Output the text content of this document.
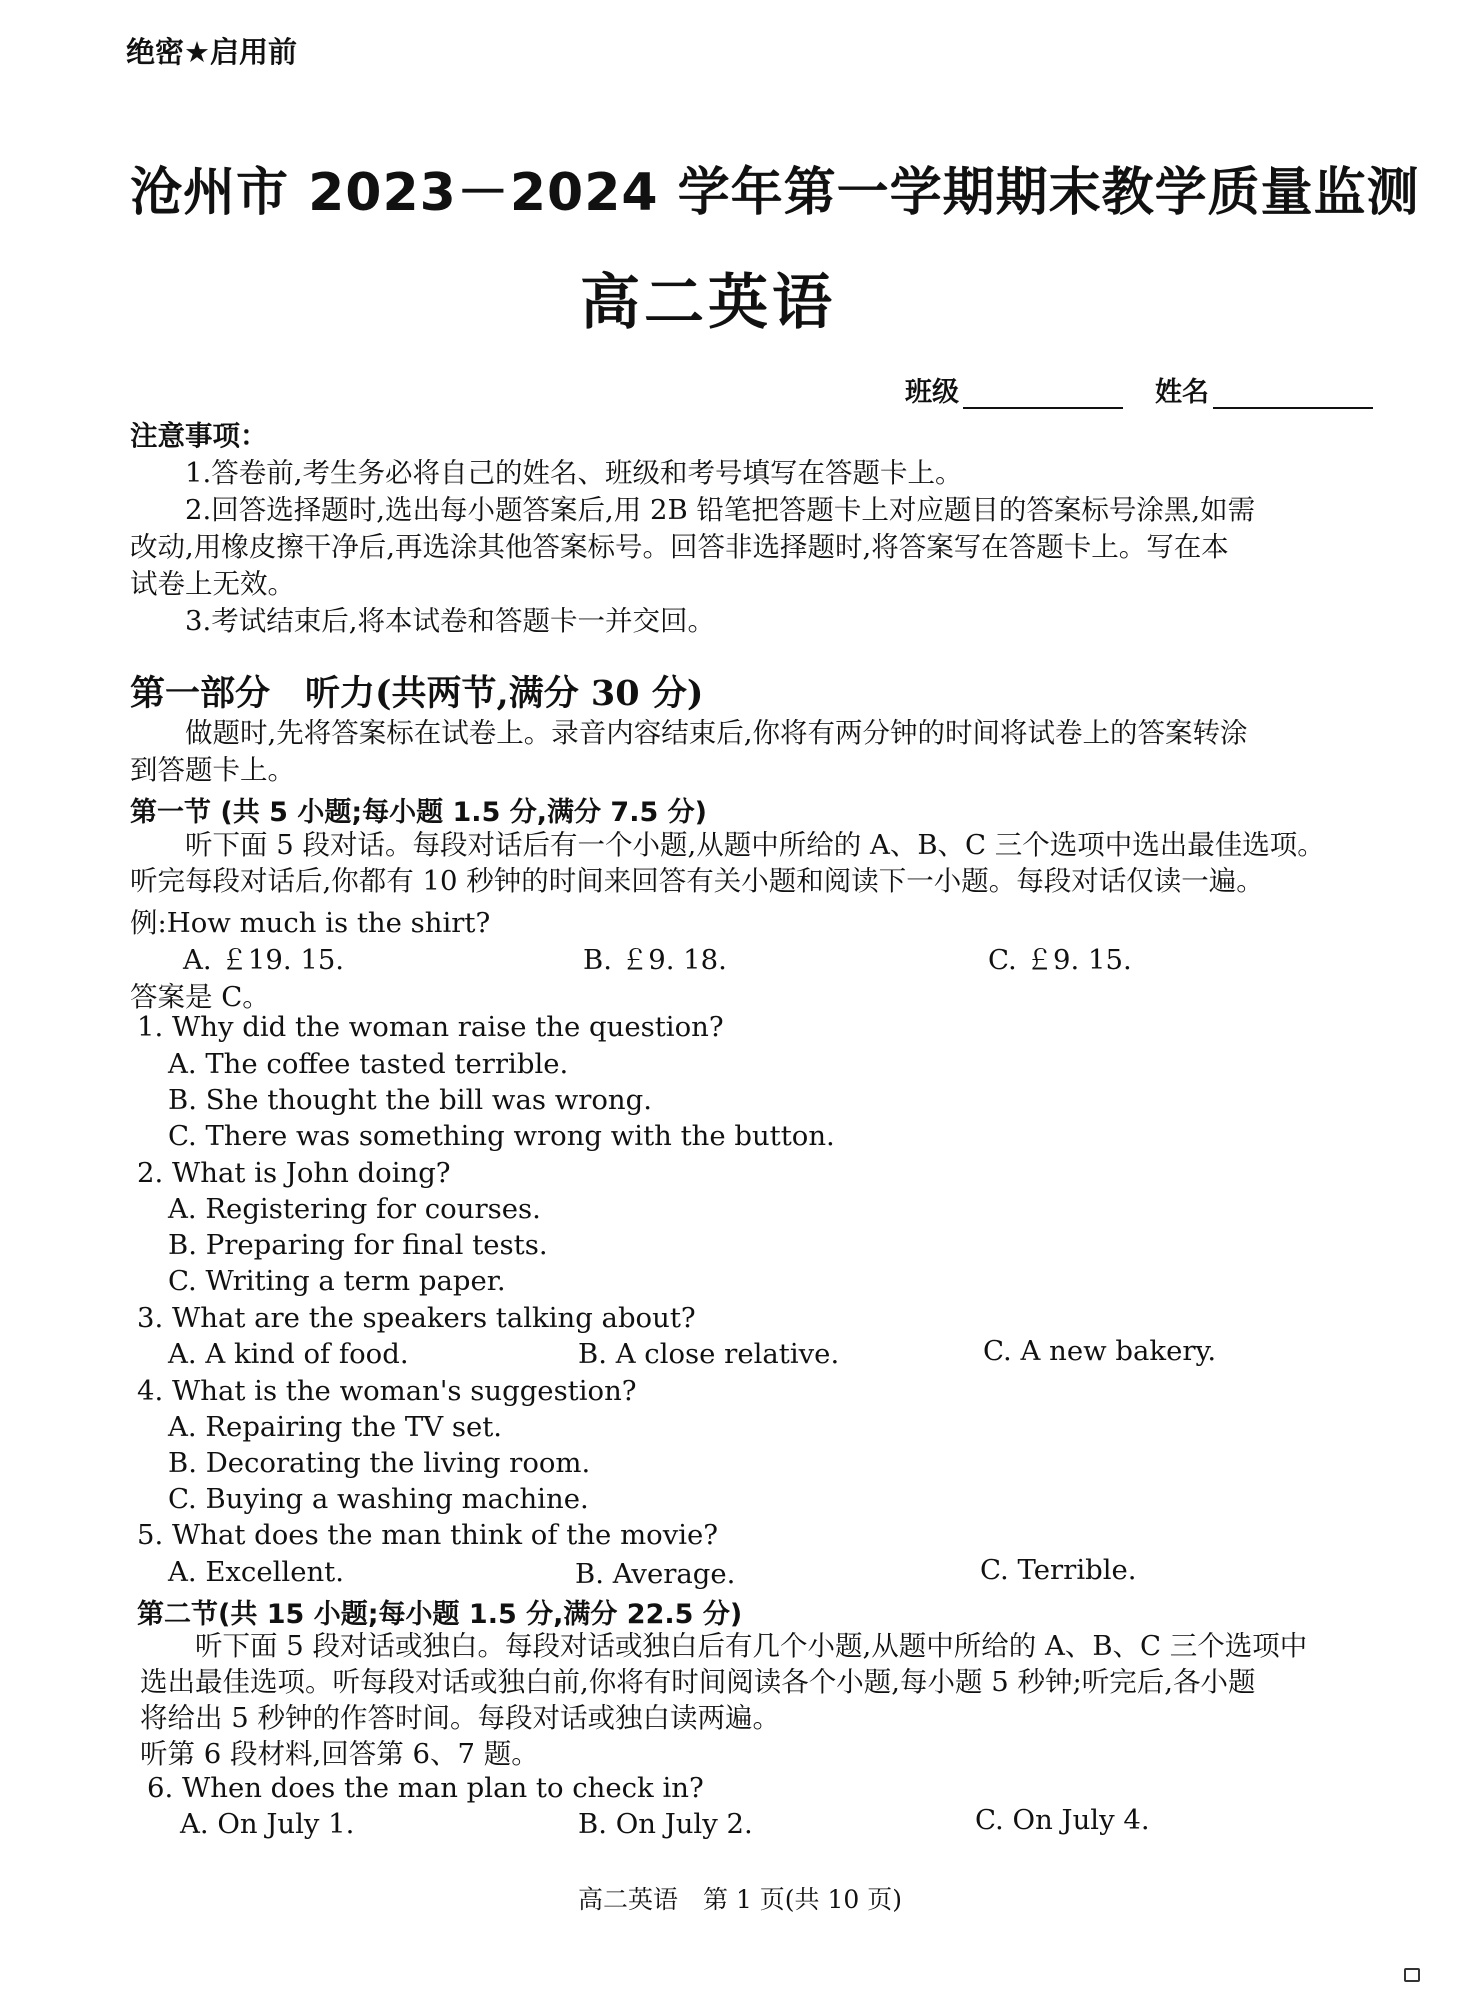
绝密★启用前
沧州市 2023－2024 学年第一学期期末教学质量监测
高二英语
班级	姓名
注意事项：
1.答卷前,考生务必将自己的姓名、班级和考号填写在答题卡上。
2.回答选择题时,选出每小题答案后,用 2B 铅笔把答题卡上对应题目的答案标号涂黑,如需
改动,用橡皮擦干净后,再选涂其他答案标号。回答非选择题时,将答案写在答题卡上。写在本
试卷上无效。
3.考试结束后,将本试卷和答题卡一并交回。
第一部分　听力(共两节,满分 30 分)
做题时,先将答案标在试卷上。录音内容结束后,你将有两分钟的时间将试卷上的答案转涂
到答题卡上。
第一节 (共 5 小题;每小题 1.5 分,满分 7.5 分)
听下面 5 段对话。每段对话后有一个小题,从题中所给的 A、B、C 三个选项中选出最佳选项。
听完每段对话后,你都有 10 秒钟的时间来回答有关小题和阅读下一小题。每段对话仅读一遍。
例:How much is the shirt?
A. ￡19. 15.	B. ￡9. 18.	C. ￡9. 15.
答案是 C。
1. Why did the woman raise the question?
A. The coffee tasted terrible.
B. She thought the bill was wrong.
C. There was something wrong with the button.
2. What is John doing?
A. Registering for courses.
B. Preparing for final tests.
C. Writing a term paper.
3. What are the speakers talking about?
A. A kind of food.	B. A close relative.	C. A new bakery.
4. What is the woman's suggestion?
A. Repairing the TV set.
B. Decorating the living room.
C. Buying a washing machine.
5. What does the man think of the movie?
A. Excellent.	B. Average.	C. Terrible.
第二节(共 15 小题;每小题 1.5 分,满分 22.5 分)
听下面 5 段对话或独白。每段对话或独白后有几个小题,从题中所给的 A、B、C 三个选项中
选出最佳选项。听每段对话或独白前,你将有时间阅读各个小题,每小题 5 秒钟;听完后,各小题
将给出 5 秒钟的作答时间。每段对话或独白读两遍。
听第 6 段材料,回答第 6、7 题。
6. When does the man plan to check in?
A. On July 1.	B. On July 2.	C. On July 4.
高二英语　第 1 页(共 10 页)
